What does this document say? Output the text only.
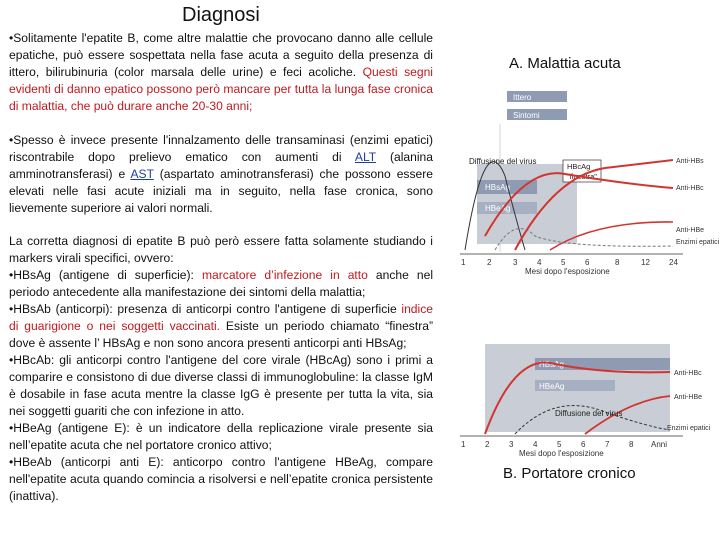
Diagnosi

•Solitamente l'epatite B, come altre malattie che provocano danno alle cellule epatiche, può essere sospettata nella fase acuta a seguito della presenza di ittero, bilirubinuria (color marsala delle urine) e feci acoliche. Questi segni evidenti di danno epatico possono però mancare per tutta la lunga fase cronica di malattia, che può durare anche 20-30 anni;

•Spesso è invece presente l'innalzamento delle transaminasi (enzimi epatici) riscontrabile dopo prelievo ematico con aumenti di ALT (alanina amminotransferasi) e AST (aspartato aminotransferasi) che possono essere elevati nelle fasi acute iniziali ma in seguito, nella fase cronica, sono lievemente superiore ai valori normali.

La corretta diagnosi di epatite B può però essere fatta solamente studiando i markers virali specifici, ovvero:
•HBsAg (antigene di superficie): marcatore d’infezione in atto anche nel periodo antecedente alla manifestazione dei sintomi della malattia;
•HBsAb (anticorpi): presenza di anticorpi contro l'antigene di superficie indice di guarigione o nei soggetti vaccinati. Esiste un periodo chiamato “finestra” dove è assente l’ HBsAg e non sono ancora presenti anticorpi anti HBsAg;
•HBcAb: gli anticorpi contro l'antigene del core virale (HBcAg) sono i primi a comparire e consistono di due diverse classi di immunoglobuline: la classe IgM è dosabile in fase acuta mentre la classe IgG è presente per tutta la vita, sia nei soggetti guariti che con infezione in atto.
•HBeAg (antigene E): è un indicatore della replicazione virale presente sia nell’epatite acuta che nel portatore cronico attivo;
•HBeAb (anticorpi anti E): anticorpo contro l'antigene HBeAg, compare nell'epatite acuta quando comincia a risolversi e nell’epatite cronica persistente (inattiva).

A. Malattia acuta
Ittero
Sintomi
HBsAg
HBeAg
Diffusione del virus
HBcAg
"finestra"
Anti-HBs
Anti-HBc
Anti-HBe
Enzimi epatici
1	2	3 4 5 6	8	12 24
Mesi dopo l'esposizione
HBsAg
HBeAg
Diffusione del virus
Anti-HBc
Anti-HBe
Enzimi epatici
1 2 3 4 5 6 7 8 Anni
Mesi dopo l'esposizione
B. Portatore cronico
